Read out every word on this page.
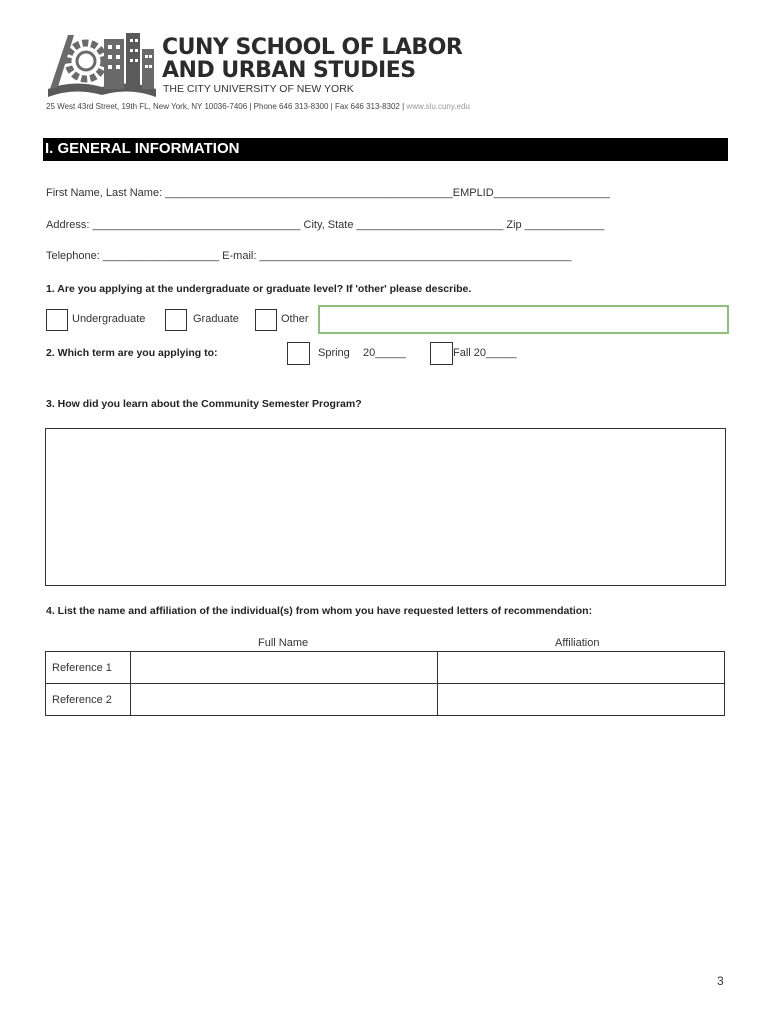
CUNY SCHOOL OF LABOR
AND URBAN STUDIES
THE CITY UNIVERSITY OF NEW YORK
25 West 43rd Street, 19th FL, New York, NY 10036-7406 | Phone 646 313-8300 | Fax 646 313-8302 | www.slu.cuny.edu
I. GENERAL INFORMATION
First Name, Last Name: _______________________________________________EMPLID___________________
Address: __________________________________ City, State ________________________ Zip _____________
Telephone: ___________________ E-mail: ___________________________________________________
1. Are you applying at the undergraduate or graduate level? If 'other' please describe.
Undergraduate	Graduate	Other
2. Which term are you applying to:	Spring 20_____	Fall 20_____
3. How did you learn about the Community Semester Program?
4. List the name and affiliation of the individual(s) from whom you have requested letters of recommendation:
Full Name	Affiliation
Reference 1		
Reference 2		
3
